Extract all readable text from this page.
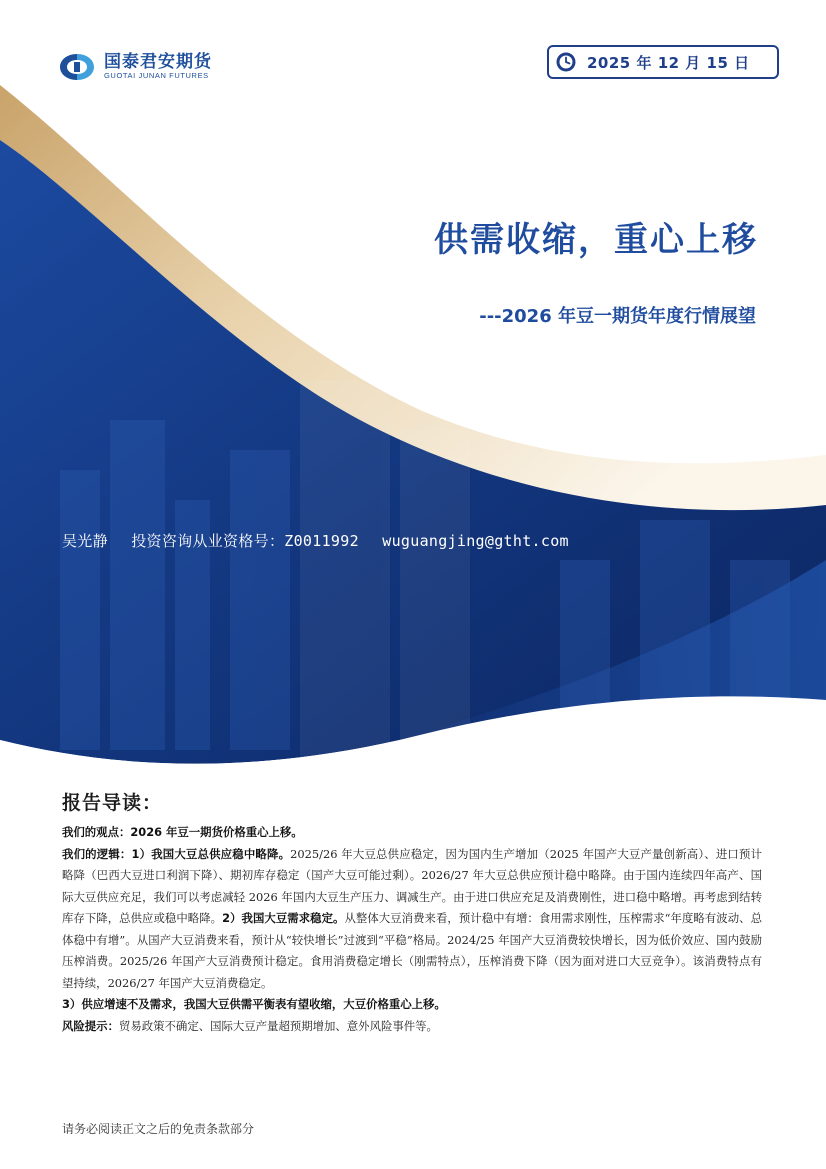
国泰君安期货
GUOTAI JUNAN FUTURES
2025 年 12 月 15 日
供需收缩，重心上移
---2026 年豆一期货年度行情展望
吴光静 投资咨询从业资格号：Z0011992 wuguangjing@gtht.com
报告导读：
我们的观点：2026 年豆一期货价格重心上移。
我们的逻辑：1）我国大豆总供应稳中略降。2025/26 年大豆总供应稳定，因为国内生产增加（2025 年国产大豆产量创新高）、进口预计略降（巴西大豆进口利润下降）、期初库存稳定（国产大豆可能过剩）。2026/27 年大豆总供应预计稳中略降。由于国内连续四年高产、国际大豆供应充足，我们可以考虑减轻 2026 年国内大豆生产压力、调减生产。由于进口供应充足及消费刚性，进口稳中略增。再考虑到结转库存下降，总供应或稳中略降。2）我国大豆需求稳定。从整体大豆消费来看，预计稳中有增：食用需求刚性，压榨需求“年度略有波动、总体稳中有增”。从国产大豆消费来看，预计从“较快增长”过渡到“平稳”格局。2024/25 年国产大豆消费较快增长，因为低价效应、国内鼓励压榨消费。2025/26 年国产大豆消费预计稳定。食用消费稳定增长（刚需特点），压榨消费下降（因为面对进口大豆竞争）。该消费特点有望持续，2026/27 年国产大豆消费稳定。
3）供应增速不及需求，我国大豆供需平衡表有望收缩，大豆价格重心上移。
风险提示：贸易政策不确定、国际大豆产量超预期增加、意外风险事件等。
请务必阅读正文之后的免责条款部分
